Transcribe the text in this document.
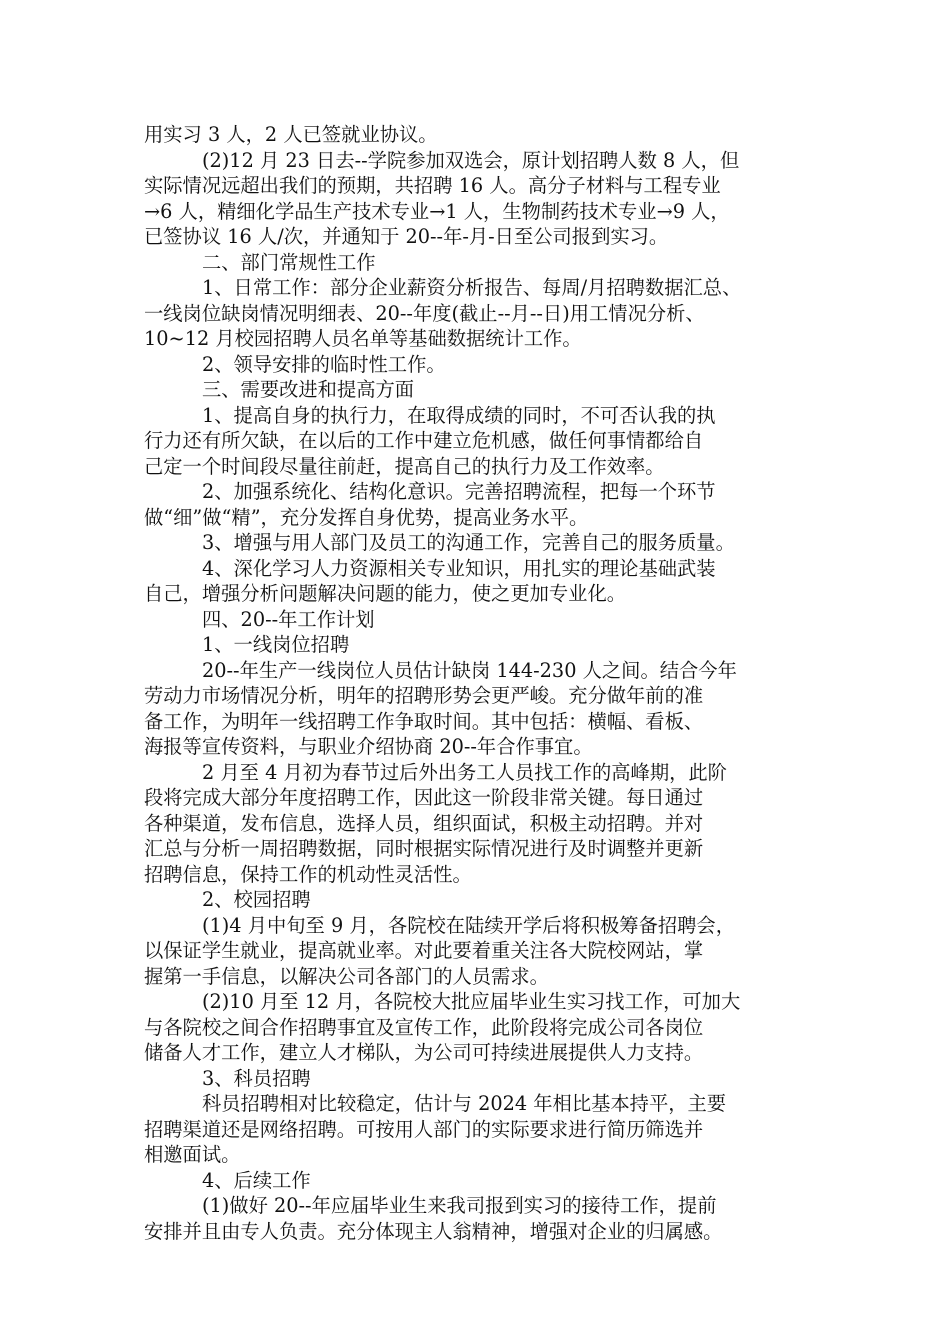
用实习 3 人，2 人已签就业协议。
(2)12 月 23 日去--学院参加双选会，原计划招聘人数 8 人，但
实际情况远超出我们的预期，共招聘 16 人。高分子材料与工程专业
→6 人，精细化学品生产技术专业→1 人，生物制药技术专业→9 人，
已签协议 16 人/次，并通知于 20--年-月-日至公司报到实习。
二、部门常规性工作
1、日常工作：部分企业薪资分析报告、每周/月招聘数据汇总、
一线岗位缺岗情况明细表、20--年度(截止--月--日)用工情况分析、
10~12 月校园招聘人员名单等基础数据统计工作。
2、领导安排的临时性工作。
三、需要改进和提高方面
1、提高自身的执行力，在取得成绩的同时，不可否认我的执
行力还有所欠缺，在以后的工作中建立危机感，做任何事情都给自
己定一个时间段尽量往前赶，提高自己的执行力及工作效率。
2、加强系统化、结构化意识。完善招聘流程，把每一个环节
做“细”做“精”，充分发挥自身优势，提高业务水平。
3、增强与用人部门及员工的沟通工作，完善自己的服务质量。
4、深化学习人力资源相关专业知识，用扎实的理论基础武装
自己，增强分析问题解决问题的能力，使之更加专业化。
四、20--年工作计划
1、一线岗位招聘
20--年生产一线岗位人员估计缺岗 144-230 人之间。结合今年
劳动力市场情况分析，明年的招聘形势会更严峻。充分做年前的准
备工作，为明年一线招聘工作争取时间。其中包括：横幅、看板、
海报等宣传资料，与职业介绍协商 20--年合作事宜。
2 月至 4 月初为春节过后外出务工人员找工作的高峰期，此阶
段将完成大部分年度招聘工作，因此这一阶段非常关键。每日通过
各种渠道，发布信息，选择人员，组织面试，积极主动招聘。并对
汇总与分析一周招聘数据，同时根据实际情况进行及时调整并更新
招聘信息，保持工作的机动性灵活性。
2、校园招聘
(1)4 月中旬至 9 月，各院校在陆续开学后将积极筹备招聘会，
以保证学生就业，提高就业率。对此要着重关注各大院校网站，掌
握第一手信息，以解决公司各部门的人员需求。
(2)10 月至 12 月，各院校大批应届毕业生实习找工作，可加大
与各院校之间合作招聘事宜及宣传工作，此阶段将完成公司各岗位
储备人才工作，建立人才梯队，为公司可持续进展提供人力支持。
3、科员招聘
科员招聘相对比较稳定，估计与 2024 年相比基本持平，主要
招聘渠道还是网络招聘。可按用人部门的实际要求进行简历筛选并
相邀面试。
4、后续工作
(1)做好 20--年应届毕业生来我司报到实习的接待工作，提前
安排并且由专人负责。充分体现主人翁精神，增强对企业的归属感。
